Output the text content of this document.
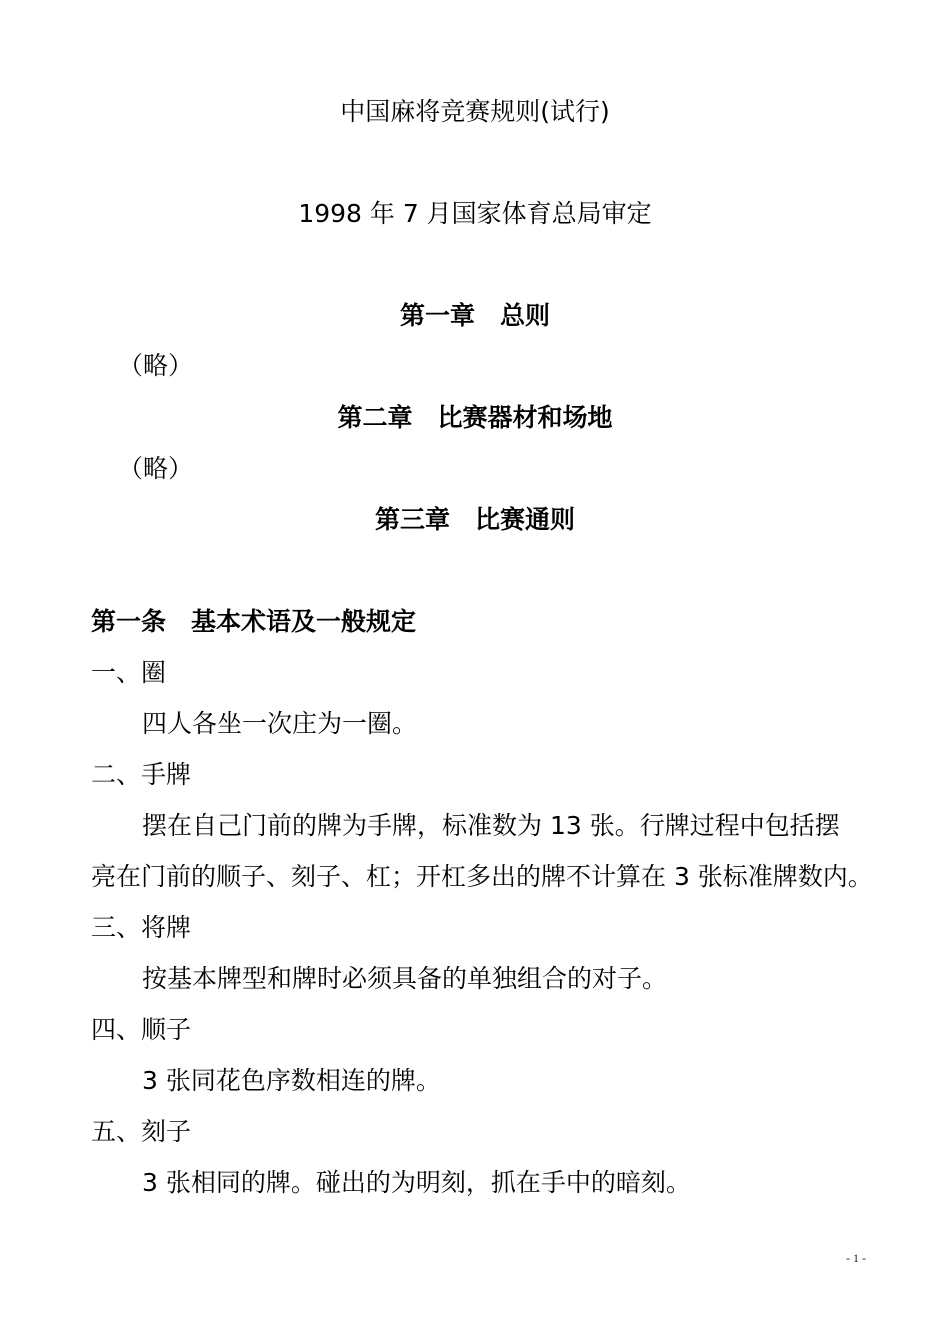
中国麻将竞赛规则(试行)
1998 年 7 月国家体育总局审定
第一章　总则
（略）
第二章　比赛器材和场地
（略）
第三章　比赛通则
第一条　基本术语及一般规定
一、圈
四人各坐一次庄为一圈。
二、手牌
摆在自己门前的牌为手牌，标准数为 13 张。行牌过程中包括摆
亮在门前的顺子、刻子、杠；开杠多出的牌不计算在 3 张标准牌数内。
三、将牌
按基本牌型和牌时必须具备的单独组合的对子。
四、顺子
3 张同花色序数相连的牌。
五、刻子
3 张相同的牌。碰出的为明刻，抓在手中的暗刻。
- 1 -
